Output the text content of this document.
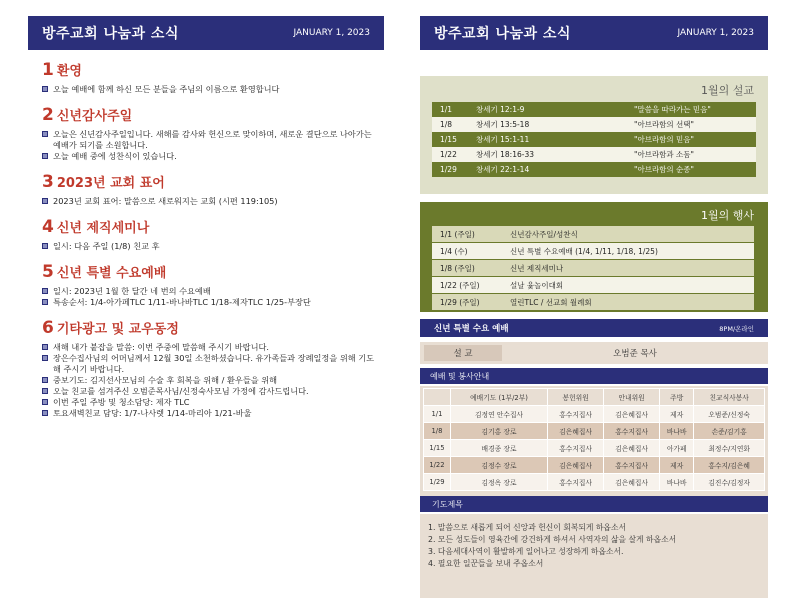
방주교회 나눔과 소식	JANUARY 1, 2023
1 환영
오늘 예배에 함께 하신 모든 분들을 주님의 이름으로 환영합니다
2 신년감사주일
오늘은 신년감사주일입니다. 새해를 감사와 헌신으로 맞이하며, 새로운 결단으로 나아가는 예배가 되기를 소원합니다.
오늘 예배 중에 성찬식이 있습니다.
3 2023년 교회 표어
2023년 교회 표어: 말씀으로 새로워지는 교회 (시편 119:105)
4 신년 제직세미나
일시: 다음 주일 (1/8) 친교 후
5 신년 특별 수요예배
일시: 2023년 1월 한 달간 네 번의 수요예배
특송순서: 1/4-아가페TLC 1/11-바나바TLC 1/18-제자TLC 1/25-부장단
6 기타광고 및 교우동정
새해 내가 붙잡을 말씀: 이번 주중에 말씀해 주시기 바랍니다.
장은수집사님의 어머님께서 12월 30일 소천하셨습니다. 유가족들과 장례일정을 위해 기도해 주시기 바랍니다.
중보기도: 김지선사모님의 수술 후 회복을 위해 / 환우들을 위해
오늘 친교를 섬겨주신 오범준목사님/신정숙사모님 가정에 감사드립니다.
이번 주일 주방 및 청소담당: 제자 TLC
토요새벽친교 담당: 1/7-나사렛 1/14-마리아 1/21-바울
방주교회 나눔과 소식	JANUARY 1, 2023
1월의 설교
1/1	창세기 12:1-9	"말씀을 따라가는 믿음"
1/8	창세기 13:5-18	"아브라함의 선택"
1/15	창세기 15:1-11	"아브라함의 믿음"
1/22	창세기 18:16-33	"아브라함과 소돔"
1/29	창세기 22:1-14	"아브라함의 순종"
1월의 행사
1/1 (주일)	신년감사주일/성찬식
1/4 (수)	신년 특별 수요예배 (1/4, 1/11, 1/18, 1/25)
1/8 (주일)	신년 제직세미나
1/22 (주일)	설날 윷놀이대회
1/29 (주일)	열린TLC / 선교회 월례회
신년 특별 수요 예배	8PM/온라인
설 교	오범준 목사
예배 및 봉사안내
	예배기도 (1부/2부)	봉헌위원	안내위원	주방	친교식사봉사
1/1	김정연 안수집사	홍수지집사	김은혜집사	제자	오범준/신정숙
1/8	김기홍 장로	김은혜집사	홍수지집사	바나바	손준/김기홍
1/15	배경종 장로	홍수지집사	김은혜집사	아가페	최정수/지연화
1/22	김정수 장로	김은혜집사	홍수지집사	제자	홍수지/김은혜
1/29	김정옥 장로	홍수지집사	김은혜집사	바나바	김진수/김정자
기도제목
1. 말씀으로 새롭게 되어 신앙과 헌신이 회복되게 하옵소서
2. 모든 성도들이 영육간에 강건하게 하셔서 사역자의 삶을 살게 하옵소서
3. 다음세대사역이 활발하게 일어나고 성장하게 하옵소서.
4. 필요한 일꾼들을 보내 주옵소서
